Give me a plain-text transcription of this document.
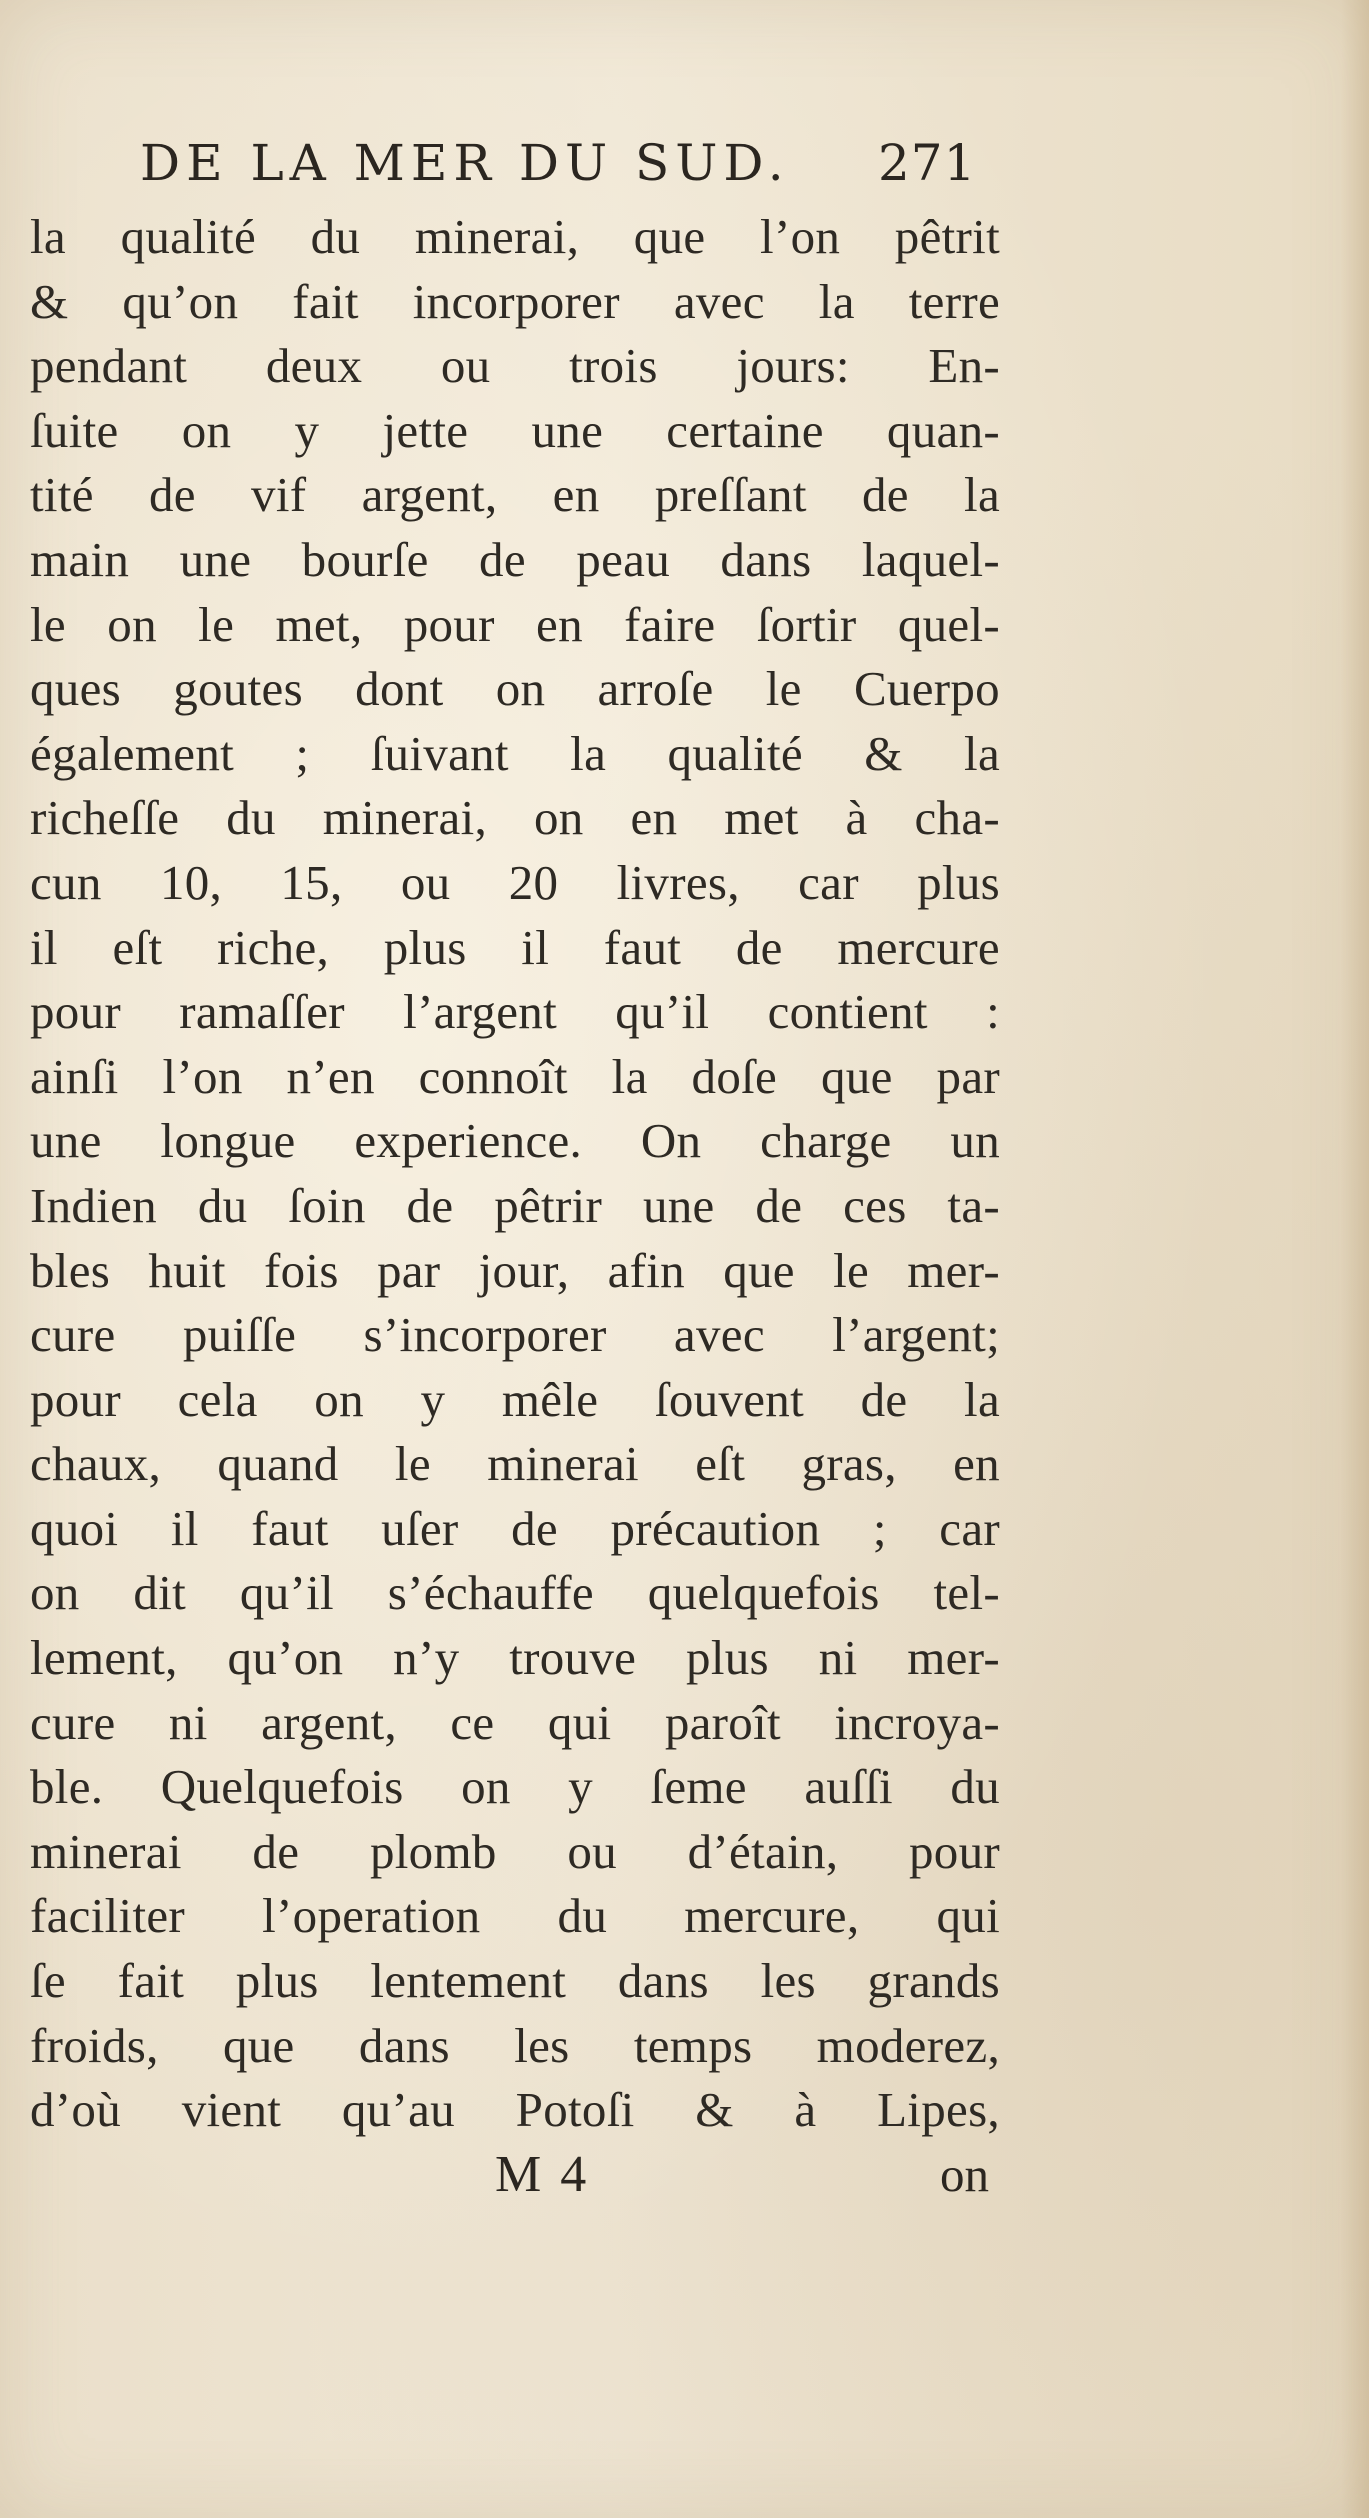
DE LA MER DU SUD. 271
la qualité du minerai, que l’on pêtrit
& qu’on fait incorporer avec la terre
pendant deux ou trois jours: En-
ſuite on y jette une certaine quan-
tité de vif argent, en preſſant de la
main une bourſe de peau dans laquel-
le on le met, pour en faire ſortir quel-
ques goutes dont on arroſe le Cuerpo
également ; ſuivant la qualité & la
richeſſe du minerai, on en met à cha-
cun 10, 15, ou 20 livres, car plus
il eſt riche, plus il faut de mercure
pour ramaſſer l’argent qu’il contient :
ainſi l’on n’en connoît la doſe que par
une longue experience. On charge un
Indien du ſoin de pêtrir une de ces ta-
bles huit fois par jour, afin que le mer-
cure puiſſe s’incorporer avec l’argent;
pour cela on y mêle ſouvent de la
chaux, quand le minerai eſt gras, en
quoi il faut uſer de précaution ; car
on dit qu’il s’échauffe quelquefois tel-
lement, qu’on n’y trouve plus ni mer-
cure ni argent, ce qui paroît incroya-
ble. Quelquefois on y ſeme auſſi du
minerai de plomb ou d’étain, pour
faciliter l’operation du mercure, qui
ſe fait plus lentement dans les grands
froids, que dans les temps moderez,
d’où vient qu’au Potoſi & à Lipes,
M 4	on
